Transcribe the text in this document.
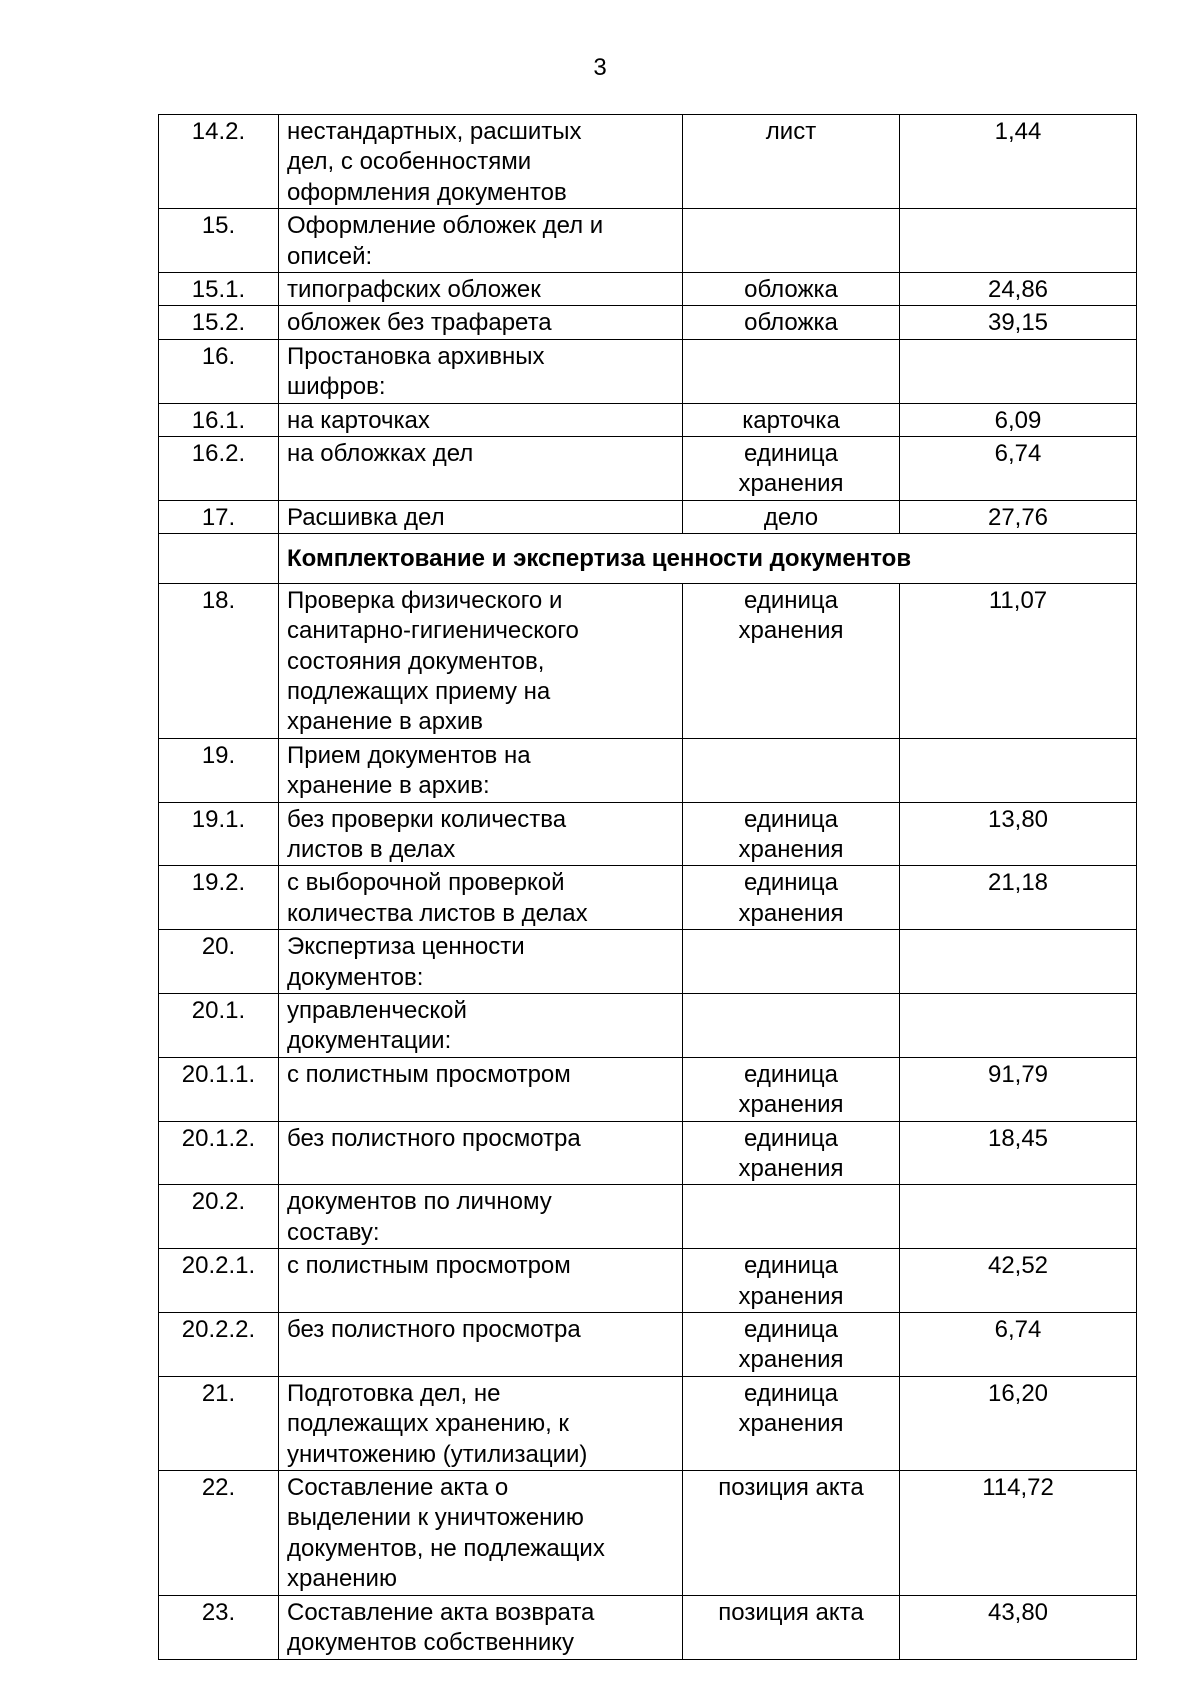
3
14.2.	нестандартных, расшитых
дел, с особенностями
оформления документов	лист	1,44
15.	Оформление обложек дел и
описей:		

15.1.	типографских обложек	обложка	24,86
15.2.	обложек без трафарета	обложка	39,15
16.	Простановка архивных
шифров:		

16.1.	на карточках	карточка	6,09
16.2.	на обложках дел	единица
хранения	6,74
17.	Расшивка дел	дело	27,76
	Комплектование и экспертиза ценности документов		
18.	Проверка физического и
санитарно-гигиенического
состояния документов,
подлежащих приему на
хранение в архив	единица
хранения	11,07
19.	Прием документов на
хранение в архив:		

19.1.	без проверки количества
листов в делах	единица
хранения	13,80
19.2.	с выборочной проверкой
количества листов в делах	единица
хранения	21,18
20.	Экспертиза ценности
документов:		

20.1.	управленческой
документации:		

20.1.1.	с полистным просмотром	единица
хранения	91,79
20.1.2.	без полистного просмотра	единица
хранения	18,45
20.2.	документов по личному
составу:		

20.2.1.	с полистным просмотром	единица
хранения	42,52
20.2.2.	без полистного просмотра	единица
хранения	6,74
21.	Подготовка дел, не
подлежащих хранению, к
уничтожению (утилизации)	единица
хранения	16,20
22.	Составление акта о
выделении к уничтожению
документов, не подлежащих
хранению	позиция акта	114,72
23.	Составление акта возврата
документов собственнику	позиция акта	43,80
